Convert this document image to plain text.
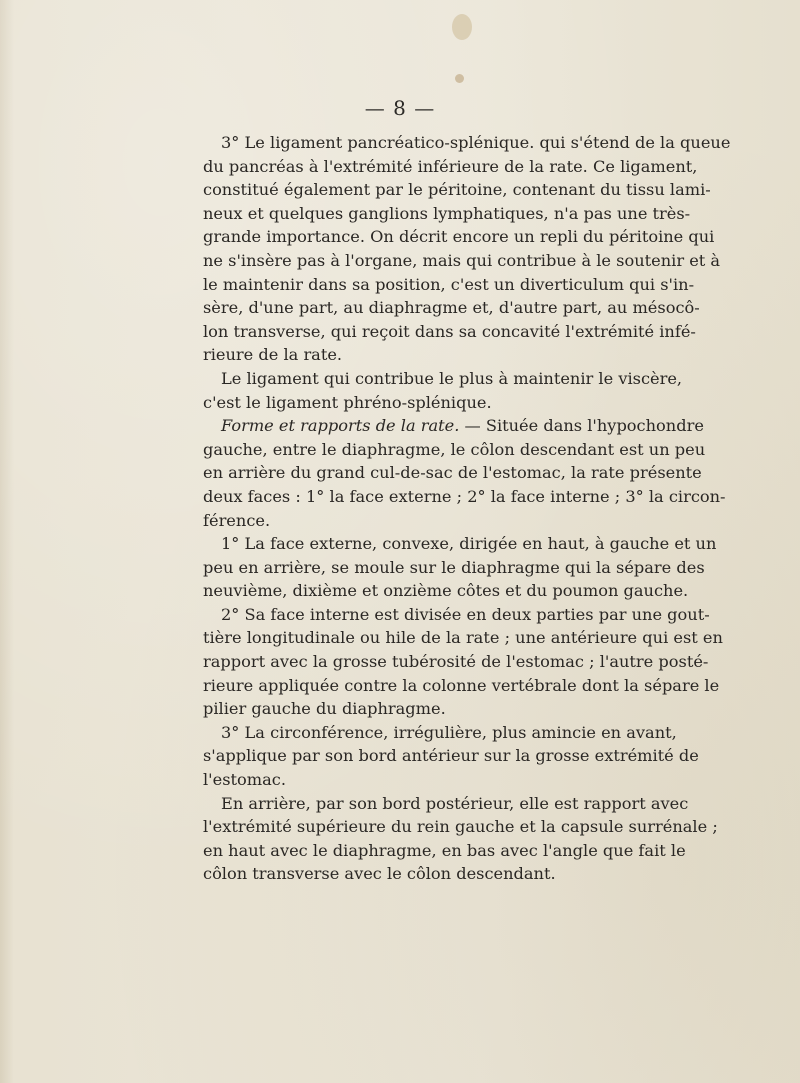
— 8 —
3° Le ligament pancréatico-splénique. qui s'étend de la queue
du pancréas à l'extrémité inférieure de la rate. Ce ligament,
constitué également par le péritoine, contenant du tissu lami-
neux et quelques ganglions lymphatiques, n'a pas une très-
grande importance. On décrit encore un repli du péritoine qui
ne s'insère pas à l'organe, mais qui contribue à le soutenir et à
le maintenir dans sa position, c'est un diverticulum qui s'in-
sère, d'une part, au diaphragme et, d'autre part, au mésocô-
lon transverse, qui reçoit dans sa concavité l'extrémité infé-
rieure de la rate.
Le ligament qui contribue le plus à maintenir le viscère,
c'est le ligament phréno-splénique.
Forme et rapports de la rate. — Située dans l'hypochondre
gauche, entre le diaphragme, le côlon descendant est un peu
en arrière du grand cul-de-sac de l'estomac, la rate présente
deux faces : 1° la face externe ; 2° la face interne ; 3° la circon-
férence.
1° La face externe, convexe, dirigée en haut, à gauche et un
peu en arrière, se moule sur le diaphragme qui la sépare des
neuvième, dixième et onzième côtes et du poumon gauche.
2° Sa face interne est divisée en deux parties par une gout-
tière longitudinale ou hile de la rate ; une antérieure qui est en
rapport avec la grosse tubérosité de l'estomac ; l'autre posté-
rieure appliquée contre la colonne vertébrale dont la sépare le
pilier gauche du diaphragme.
3° La circonférence, irrégulière, plus amincie en avant,
s'applique par son bord antérieur sur la grosse extrémité de
l'estomac.
En arrière, par son bord postérieur, elle est rapport avec
l'extrémité supérieure du rein gauche et la capsule surrénale ;
en haut avec le diaphragme, en bas avec l'angle que fait le
côlon transverse avec le côlon descendant.
